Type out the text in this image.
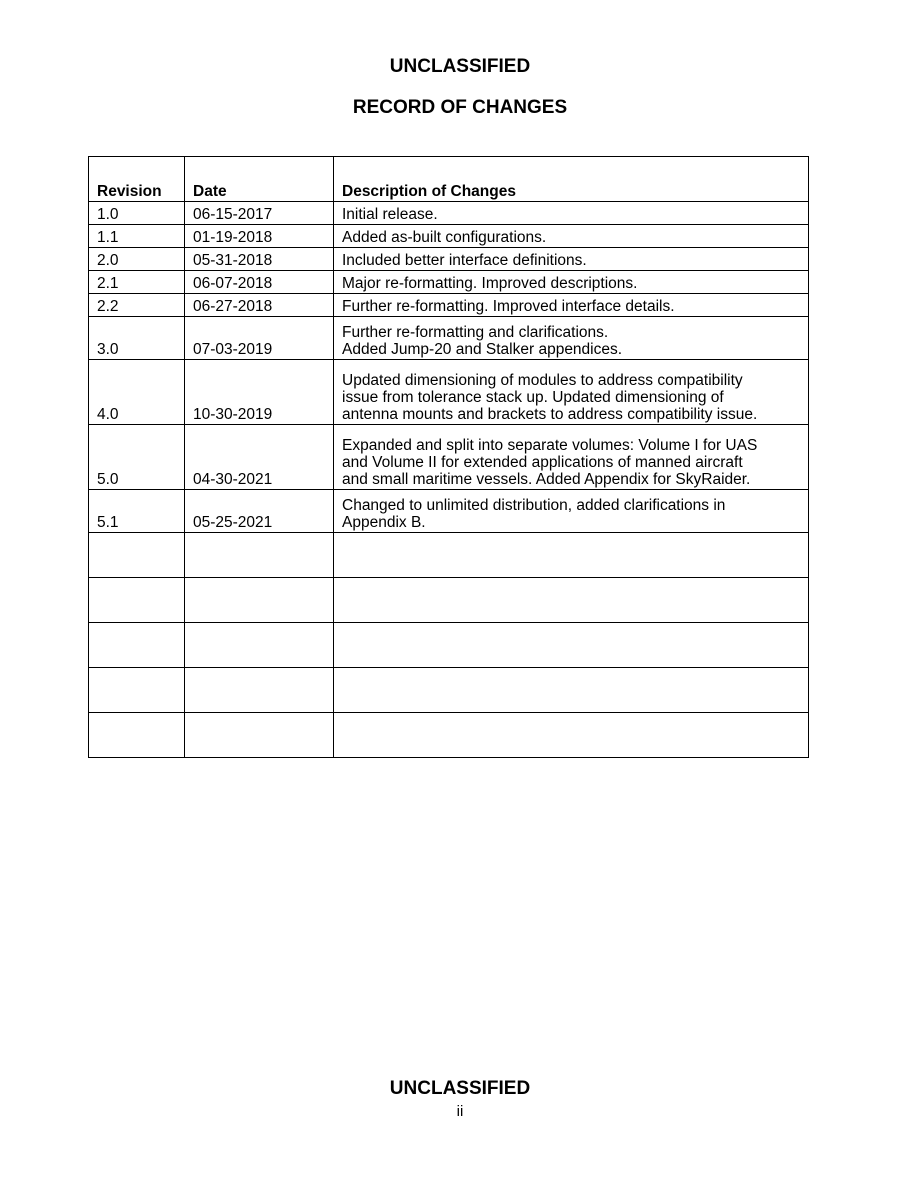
UNCLASSIFIED
RECORD OF CHANGES
Revision	Date	Description of Changes
1.0	06-15-2017	Initial release.
1.1	01-19-2018	Added as-built configurations.
2.0	05-31-2018	Included better interface definitions.
2.1	06-07-2018	Major re-formatting. Improved descriptions.
2.2	06-27-2018	Further re-formatting. Improved interface details.
3.0	07-03-2019	Further re-formatting and clarifications.
Added Jump-20 and Stalker appendices.
4.0	10-30-2019	Updated dimensioning of modules to address compatibility
issue from tolerance stack up. Updated dimensioning of
antenna mounts and brackets to address compatibility issue.
5.0	04-30-2021	Expanded and split into separate volumes: Volume I for UAS
and Volume II for extended applications of manned aircraft
and small maritime vessels. Added Appendix for SkyRaider.
5.1	05-25-2021	Changed to unlimited distribution, added clarifications in
Appendix B.

UNCLASSIFIED
ii
